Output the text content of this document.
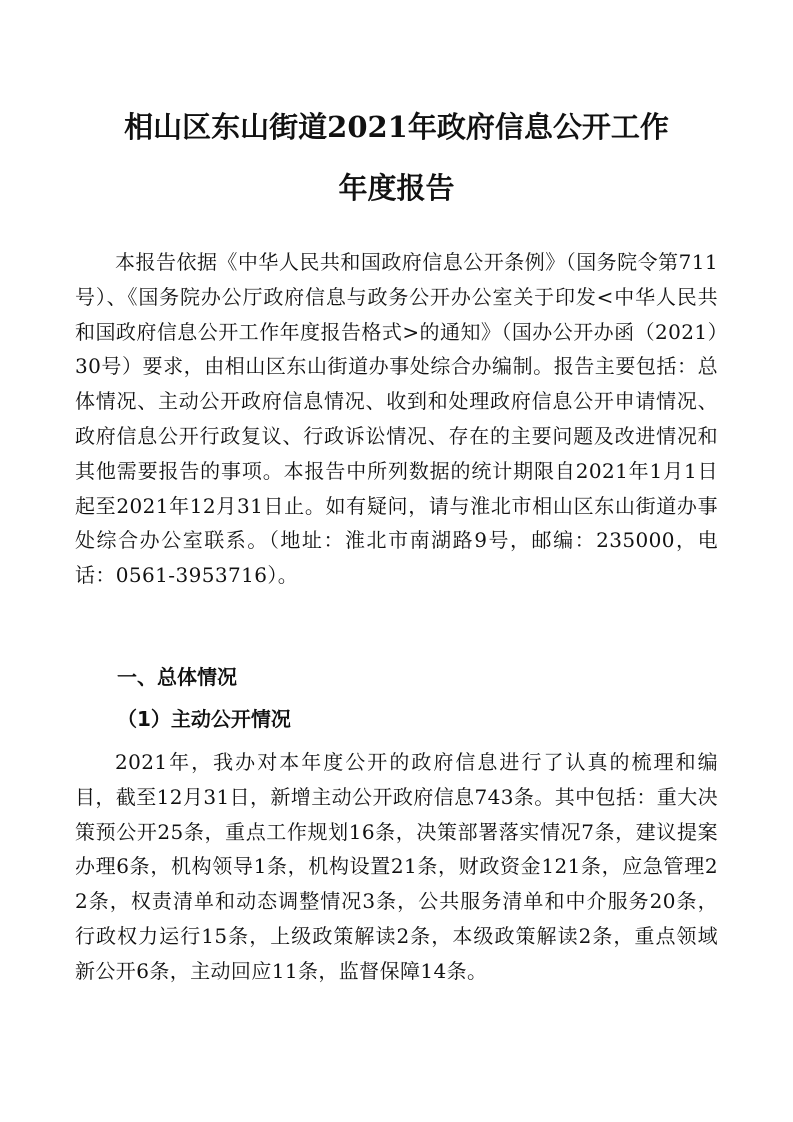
相山区东山街道2021年政府信息公开工作
年度报告
本报告依据《中华人民共和国政府信息公开条例》（国务院令第711号）、《国务院办公厅政府信息与政务公开办公室关于印发<中华人民共和国政府信息公开工作年度报告格式>的通知》（国办公开办函（2021）30号）要求，由相山区东山街道办事处综合办编制。报告主要包括：总体情况、主动公开政府信息情况、收到和处理政府信息公开申请情况、政府信息公开行政复议、行政诉讼情况、存在的主要问题及改进情况和其他需要报告的事项。本报告中所列数据的统计期限自2021年1月1日起至2021年12月31日止。如有疑问，请与淮北市相山区东山街道办事处综合办公室联系。（地址：淮北市南湖路9号，邮编：235000，电话：0561-3953716）。
一、总体情况
（1）主动公开情况
2021年，我办对本年度公开的政府信息进行了认真的梳理和编目，截至12月31日，新增主动公开政府信息743条。其中包括：重大决策预公开25条，重点工作规划16条，决策部署落实情况7条，建议提案办理6条，机构领导1条，机构设置21条，财政资金121条，应急管理22条，权责清单和动态调整情况3条，公共服务清单和中介服务20条，行政权力运行15条，上级政策解读2条，本级政策解读2条，重点领域新公开6条，主动回应11条，监督保障14条。
